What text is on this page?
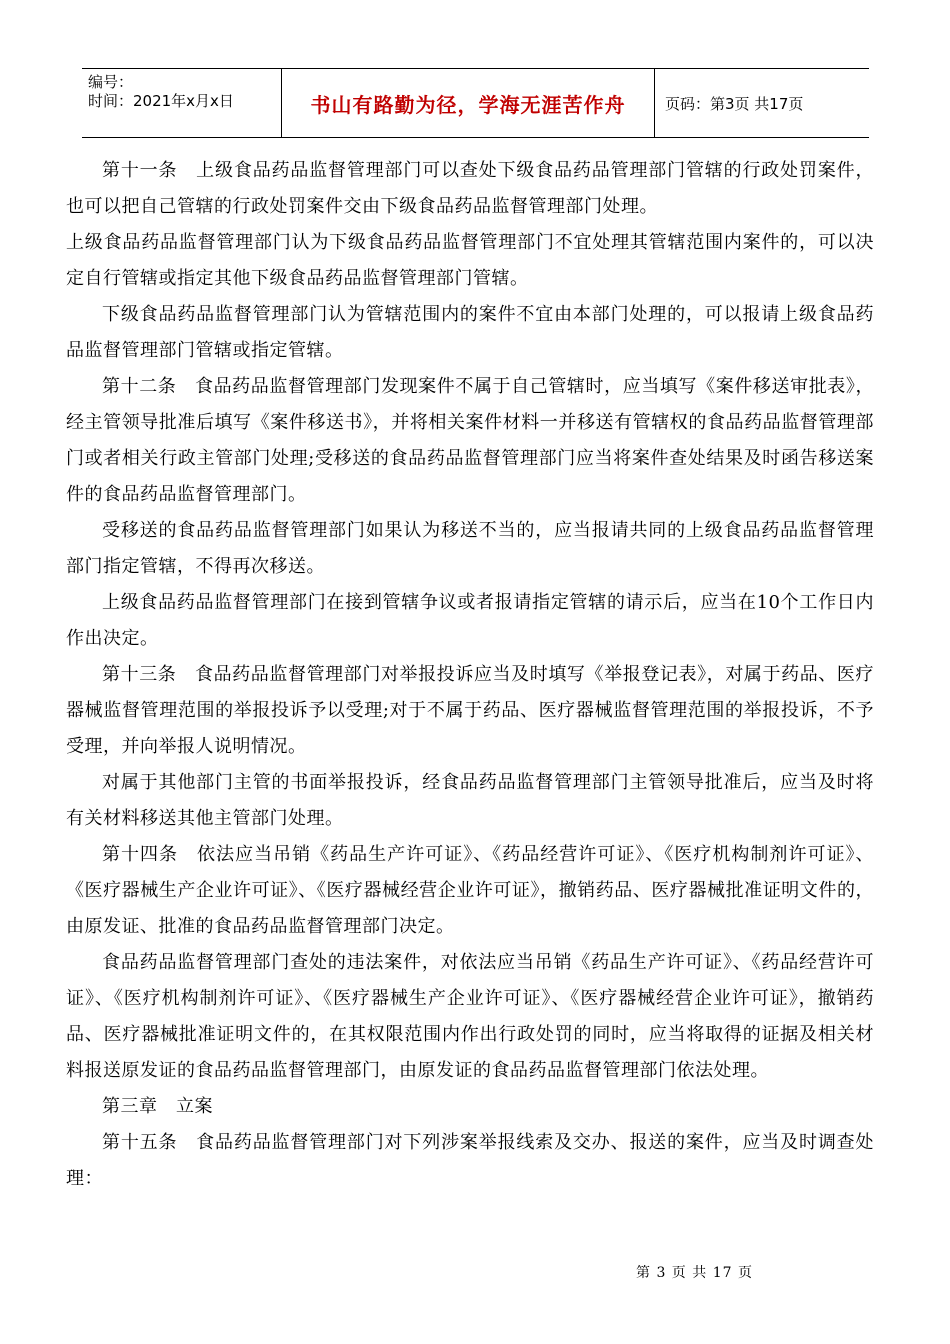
编号：
时间：2021年x月x日	书山有路勤为径，学海无涯苦作舟	页码：第3页 共17页

第十一条　上级食品药品监督管理部门可以查处下级食品药品管理部门管辖的行政处罚案件，也可以把自己管辖的行政处罚案件交由下级食品药品监督管理部门处理。

上级食品药品监督管理部门认为下级食品药品监督管理部门不宜处理其管辖范围内案件的，可以决定自行管辖或指定其他下级食品药品监督管理部门管辖。

下级食品药品监督管理部门认为管辖范围内的案件不宜由本部门处理的，可以报请上级食品药品监督管理部门管辖或指定管辖。

第十二条　食品药品监督管理部门发现案件不属于自己管辖时，应当填写《案件移送审批表》，经主管领导批准后填写《案件移送书》，并将相关案件材料一并移送有管辖权的食品药品监督管理部门或者相关行政主管部门处理;受移送的食品药品监督管理部门应当将案件查处结果及时函告移送案件的食品药品监督管理部门。

受移送的食品药品监督管理部门如果认为移送不当的，应当报请共同的上级食品药品监督管理部门指定管辖，不得再次移送。

上级食品药品监督管理部门在接到管辖争议或者报请指定管辖的请示后，应当在10个工作日内作出决定。

第十三条　食品药品监督管理部门对举报投诉应当及时填写《举报登记表》，对属于药品、医疗器械监督管理范围的举报投诉予以受理;对于不属于药品、医疗器械监督管理范围的举报投诉，不予受理，并向举报人说明情况。

对属于其他部门主管的书面举报投诉，经食品药品监督管理部门主管领导批准后，应当及时将有关材料移送其他主管部门处理。

第十四条　依法应当吊销《药品生产许可证》、《药品经营许可证》、《医疗机构制剂许可证》、《医疗器械生产企业许可证》、《医疗器械经营企业许可证》，撤销药品、医疗器械批准证明文件的，由原发证、批准的食品药品监督管理部门决定。

食品药品监督管理部门查处的违法案件，对依法应当吊销《药品生产许可证》、《药品经营许可证》、《医疗机构制剂许可证》、《医疗器械生产企业许可证》、《医疗器械经营企业许可证》，撤销药品、医疗器械批准证明文件的，在其权限范围内作出行政处罚的同时，应当将取得的证据及相关材料报送原发证的食品药品监督管理部门，由原发证的食品药品监督管理部门依法处理。

第三章　立案

第十五条　食品药品监督管理部门对下列涉案举报线索及交办、报送的案件，应当及时调查处理：

第 3 页 共 17 页
